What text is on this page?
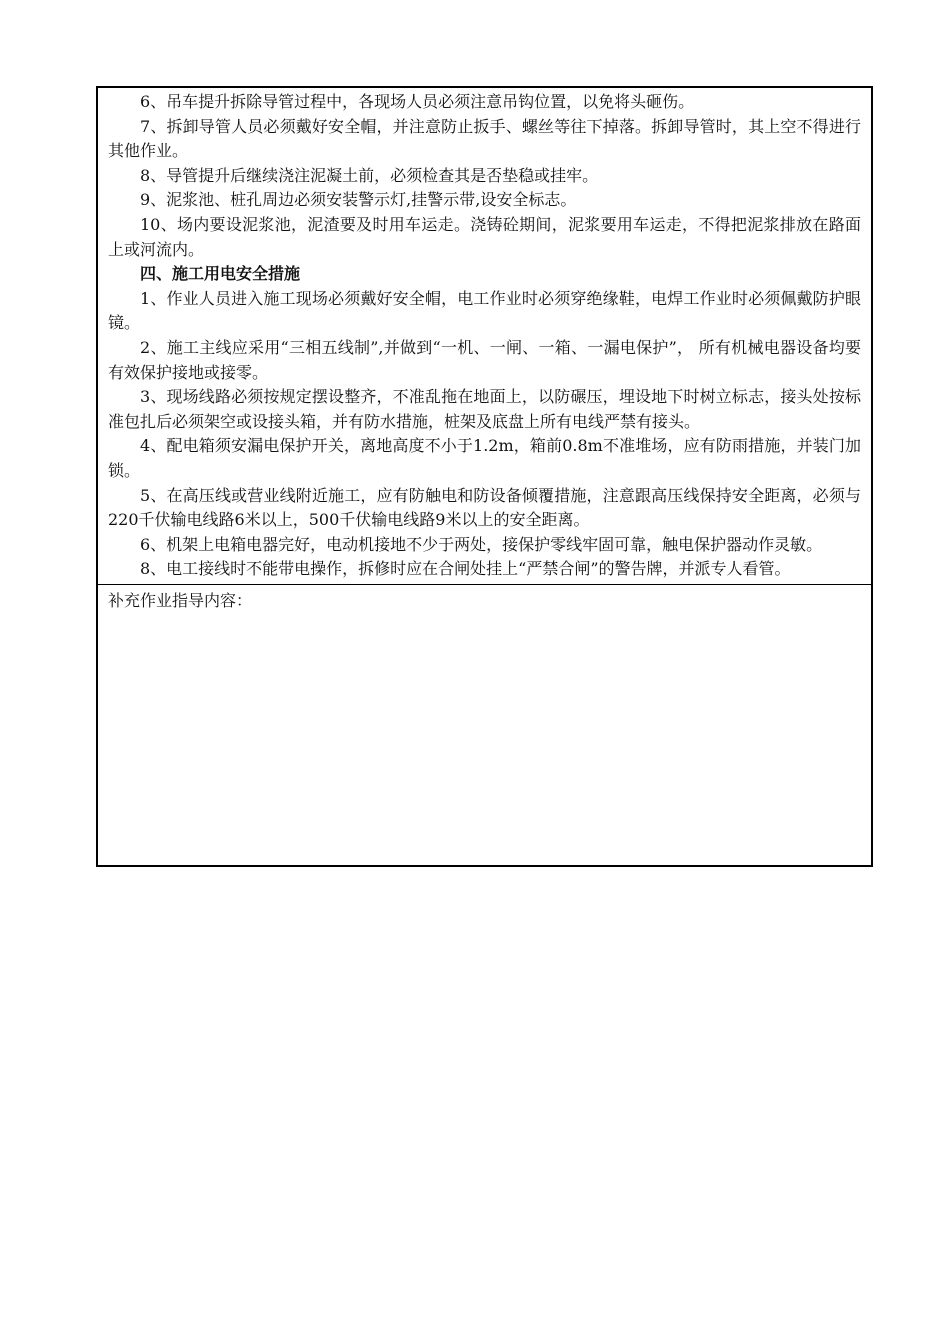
6、吊车提升拆除导管过程中，各现场人员必须注意吊钩位置，以免将头砸伤。

7、拆卸导管人员必须戴好安全帽，并注意防止扳手、螺丝等往下掉落。拆卸导管时，其上空不得进行其他作业。

8、导管提升后继续浇注泥凝土前，必须检查其是否垫稳或挂牢。

9、泥浆池、桩孔周边必须安装警示灯,挂警示带,设安全标志。

10、场内要设泥浆池，泥渣要及时用车运走。浇铸砼期间，泥浆要用车运走，不得把泥浆排放在路面上或河流内。

四、施工用电安全措施

1、作业人员进入施工现场必须戴好安全帽，电工作业时必须穿绝缘鞋，电焊工作业时必须佩戴防护眼镜。

2、施工主线应采用“三相五线制”,并做到“一机、一闸、一箱、一漏电保护”， 所有机械电器设备均要有效保护接地或接零。

3、现场线路必须按规定摆设整齐，不准乱拖在地面上，以防碾压，埋设地下时树立标志，接头处按标准包扎后必须架空或设接头箱，并有防水措施，桩架及底盘上所有电线严禁有接头。

4、配电箱须安漏电保护开关，离地高度不小于1.2m，箱前0.8m不准堆场，应有防雨措施，并装门加锁。

5、在高压线或营业线附近施工，应有防触电和防设备倾覆措施，注意跟高压线保持安全距离，必须与220千伏输电线路6米以上，500千伏输电线路9米以上的安全距离。

6、机架上电箱电器完好，电动机接地不少于两处，接保护零线牢固可靠，触电保护器动作灵敏。

8、电工接线时不能带电操作，拆修时应在合闸处挂上“严禁合闸”的警告牌，并派专人看管。

补充作业指导内容：
